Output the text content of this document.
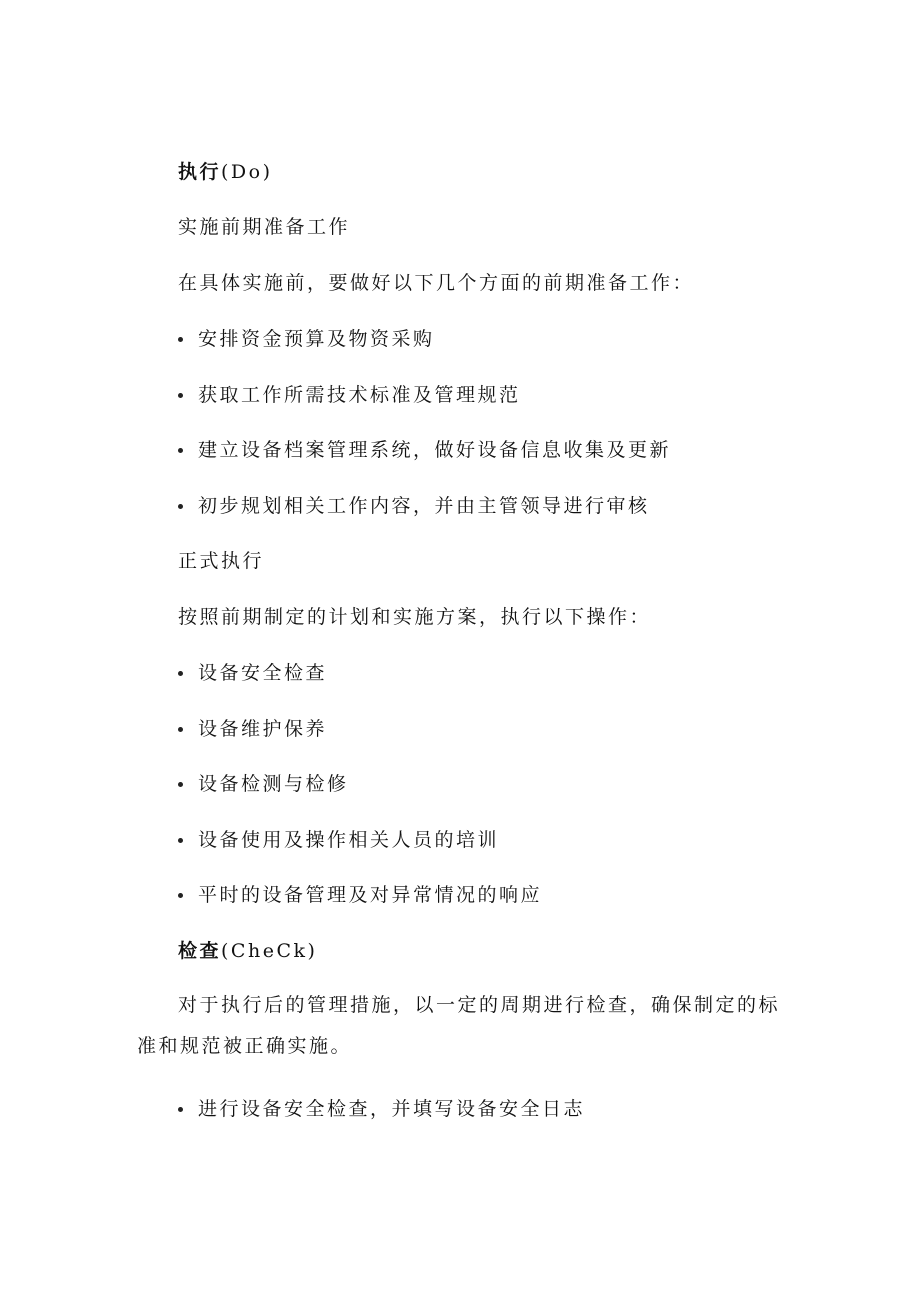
执行(Do)
实施前期准备工作
在具体实施前，要做好以下几个方面的前期准备工作：
安排资金预算及物资采购
获取工作所需技术标准及管理规范
建立设备档案管理系统，做好设备信息收集及更新
初步规划相关工作内容，并由主管领导进行审核
正式执行
按照前期制定的计划和实施方案，执行以下操作：
设备安全检查
设备维护保养
设备检测与检修
设备使用及操作相关人员的培训
平时的设备管理及对异常情况的响应
检查(CheCk)
对于执行后的管理措施，以一定的周期进行检查，确保制定的标准和规范被正确实施。
进行设备安全检查，并填写设备安全日志
